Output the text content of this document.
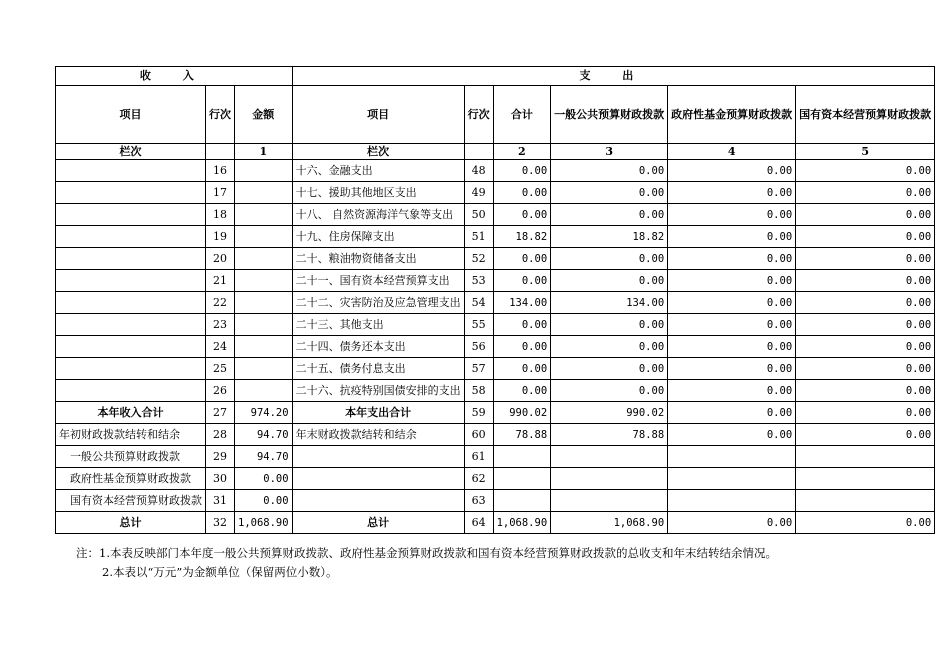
收 入			支 出					
项目	行次	金额	项目	行次	合计	一般公共预算财政拨款	政府性基金预算财政拨款	国有资本经营预算财政拨款
栏次		1	栏次		2	3	4	5
	16		十六、金融支出	48	0.00	0.00	0.00	0.00
	17		十七、援助其他地区支出	49	0.00	0.00	0.00	0.00
	18		十八、 自然资源海洋气象等支出	50	0.00	0.00	0.00	0.00
	19		十九、住房保障支出	51	18.82	18.82	0.00	0.00
	20		二十、粮油物资储备支出	52	0.00	0.00	0.00	0.00
	21		二十一、国有资本经营预算支出	53	0.00	0.00	0.00	0.00
	22		二十二、灾害防治及应急管理支出	54	134.00	134.00	0.00	0.00
	23		二十三、其他支出	55	0.00	0.00	0.00	0.00
	24		二十四、债务还本支出	56	0.00	0.00	0.00	0.00
	25		二十五、债务付息支出	57	0.00	0.00	0.00	0.00
	26		二十六、抗疫特别国债安排的支出	58	0.00	0.00	0.00	0.00
本年收入合计	27	974.20	本年支出合计	59	990.02	990.02	0.00	0.00
年初财政拨款结转和结余	28	94.70	年末财政拨款结转和结余	60	78.88	78.88	0.00	0.00
一般公共预算财政拨款	29	94.70		61				
政府性基金预算财政拨款	30	0.00		62				
国有资本经营预算财政拨款	31	0.00		63				
总计	32	1,068.90	总计	64	1,068.90	1,068.90	0.00	0.00
注：1.本表反映部门本年度一般公共预算财政拨款、政府性基金预算财政拨款和国有资本经营预算财政拨款的总收支和年末结转结余情况。
2.本表以“万元”为金额单位（保留两位小数）。
